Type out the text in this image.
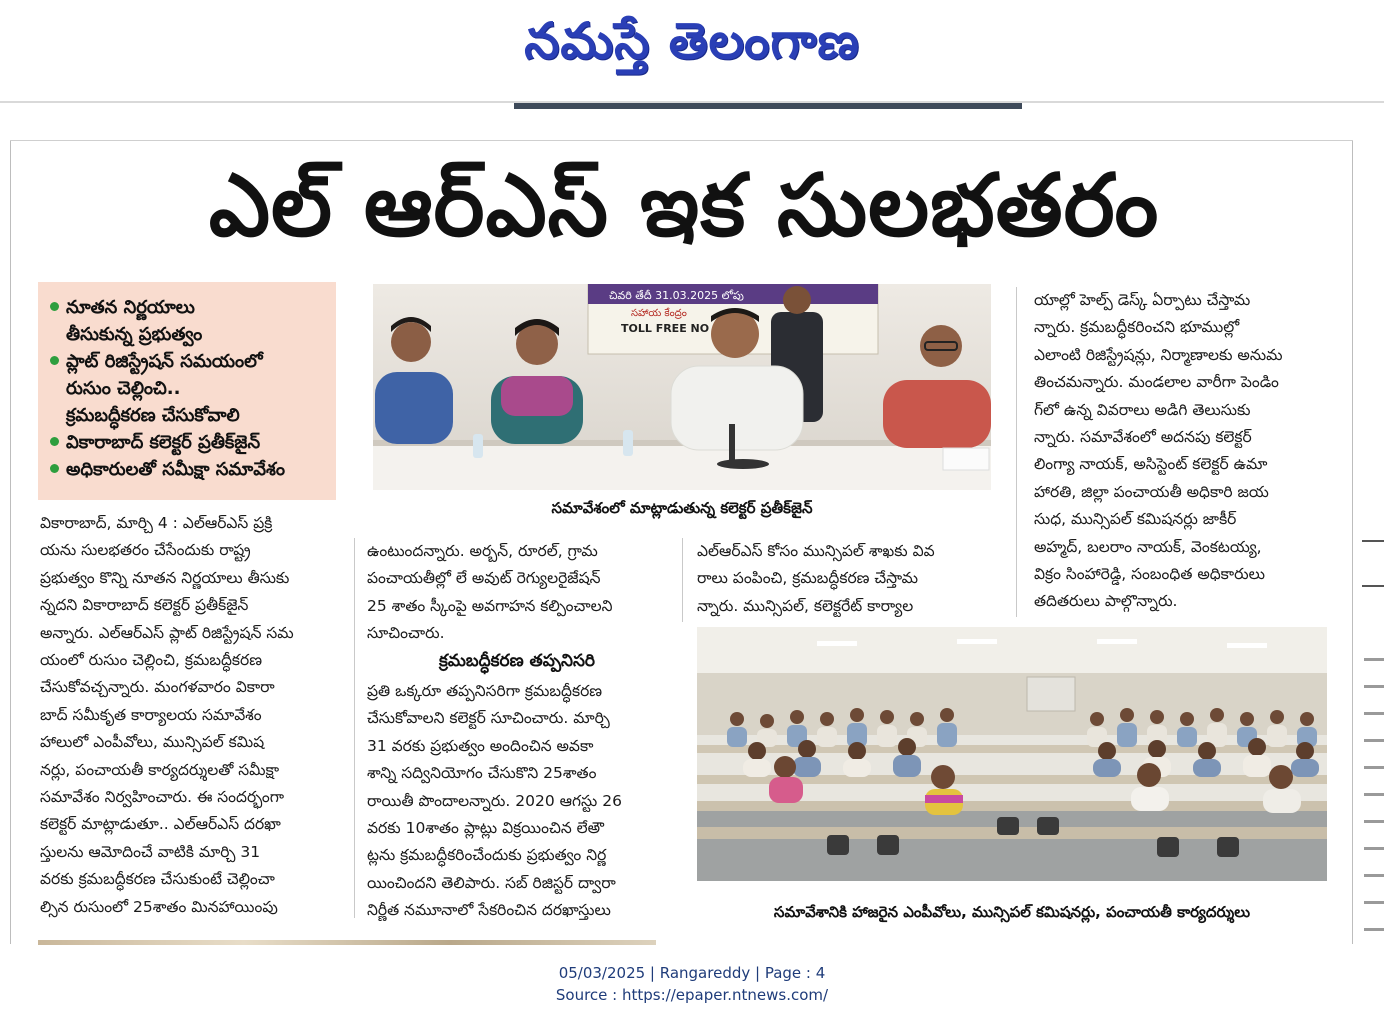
నమస్తే తెలంగాణ
ఎల్ ఆర్ఎస్ ఇక సులభతరం
నూతన నిర్ణయాలు
తీసుకున్న ప్రభుత్వం
ప్లాట్ రిజిస్ట్రేషన్ సమయంలో
రుసుం చెల్లించి..
క్రమబద్ధీకరణ చేసుకోవాలి
వికారాబాద్ కలెక్టర్ ప్రతీక్‌జైన్
అధికారులతో సమీక్షా సమావేశం
చివరి తేదీ 31.03.2025 లోపు
సహాయ కేంద్రం
TOLL FREE NO
సమావేశంలో మాట్లాడుతున్న కలెక్టర్ ప్రతీక్‌జైన్
వికారాబాద్, మార్చి 4 : ఎల్ఆర్ఎస్ ప్రక్రి
యను సులభతరం చేసేందుకు రాష్ట్ర
ప్రభుత్వం కొన్ని నూతన నిర్ణయాలు తీసుకు
న్నదని వికారాబాద్ కలెక్టర్ ప్రతీక్‌జైన్
అన్నారు. ఎల్ఆర్ఎస్ ప్లాట్ రిజిస్ట్రేషన్ సమ
యంలో రుసుం చెల్లించి, క్రమబద్ధీకరణ
చేసుకోవచ్చన్నారు. మంగళవారం వికారా
బాద్ సమీకృత కార్యాలయ సమావేశం
హాలులో ఎంపీవోలు, మున్సిపల్ కమిష
నర్లు, పంచాయతీ కార్యదర్శులతో సమీక్షా
సమావేశం నిర్వహించారు. ఈ సందర్భంగా
కలెక్టర్ మాట్లాడుతూ.. ఎల్ఆర్ఎస్ దరఖా
స్తులను ఆమోదించే వాటికి మార్చి 31
వరకు క్రమబద్ధీకరణ చేసుకుంటే చెల్లించా
ల్సిన రుసుంలో 25శాతం మినహాయింపు
ఉంటుందన్నారు. అర్బన్, రూరల్, గ్రామ
పంచాయతీల్లో లే అవుట్ రెగ్యులరైజేషన్
25 శాతం స్కీంపై అవగాహన కల్పించాలని
సూచించారు.
క్రమబద్ధీకరణ తప్పనిసరి
ప్రతి ఒక్కరూ తప్పనిసరిగా క్రమబద్ధీకరణ
చేసుకోవాలని కలెక్టర్ సూచించారు. మార్చి
31 వరకు ప్రభుత్వం అందించిన అవకా
శాన్ని సద్వినియోగం చేసుకొని 25శాతం
రాయితీ పొందాలన్నారు. 2020 ఆగస్టు 26
వరకు 10శాతం ప్లాట్లు విక్రయించిన లేఅౌ
ట్లను క్రమబద్ధీకరించేందుకు ప్రభుత్వం నిర్ణ
యించిందని తెలిపారు. సబ్ రిజిస్టర్ ద్వారా
నిర్ణీత నమూనాలో సేకరించిన దరఖాస్తులు
ఎల్ఆర్ఎస్ కోసం మున్సిపల్ శాఖకు వివ
రాలు పంపించి, క్రమబద్ధీకరణ చేస్తామ
న్నారు. మున్సిపల్, కలెక్టరేట్ కార్యాల
యాల్లో హెల్ప్ డెస్క్ ఏర్పాటు చేస్తామ
న్నారు. క్రమబద్ధీకరించని భూముల్లో
ఎలాంటి రిజిస్ట్రేషన్లు, నిర్మాణాలకు అనుమ
తించమన్నారు. మండలాల వారీగా పెండిం
గ్‌లో ఉన్న వివరాలు అడిగి తెలుసుకు
న్నారు. సమావేశంలో అదనపు కలెక్టర్
లింగ్యా నాయక్, అసిస్టెంట్ కలెక్టర్ ఉమా
హారతి, జిల్లా పంచాయతీ అధికారి జయ
సుధ, మున్సిపల్ కమిషనర్లు జాకీర్
అహ్మద్, బలరాం నాయక్, వెంకటయ్య,
విక్రం సింహారెడ్డి, సంబంధిత అధికారులు
తదితరులు పాల్గొన్నారు.
సమావేశానికి హాజరైన ఎంపీవోలు, మున్సిపల్ కమిషనర్లు, పంచాయతీ కార్యదర్శులు
05/03/2025 | Rangareddy | Page : 4
Source : https://epaper.ntnews.com/
